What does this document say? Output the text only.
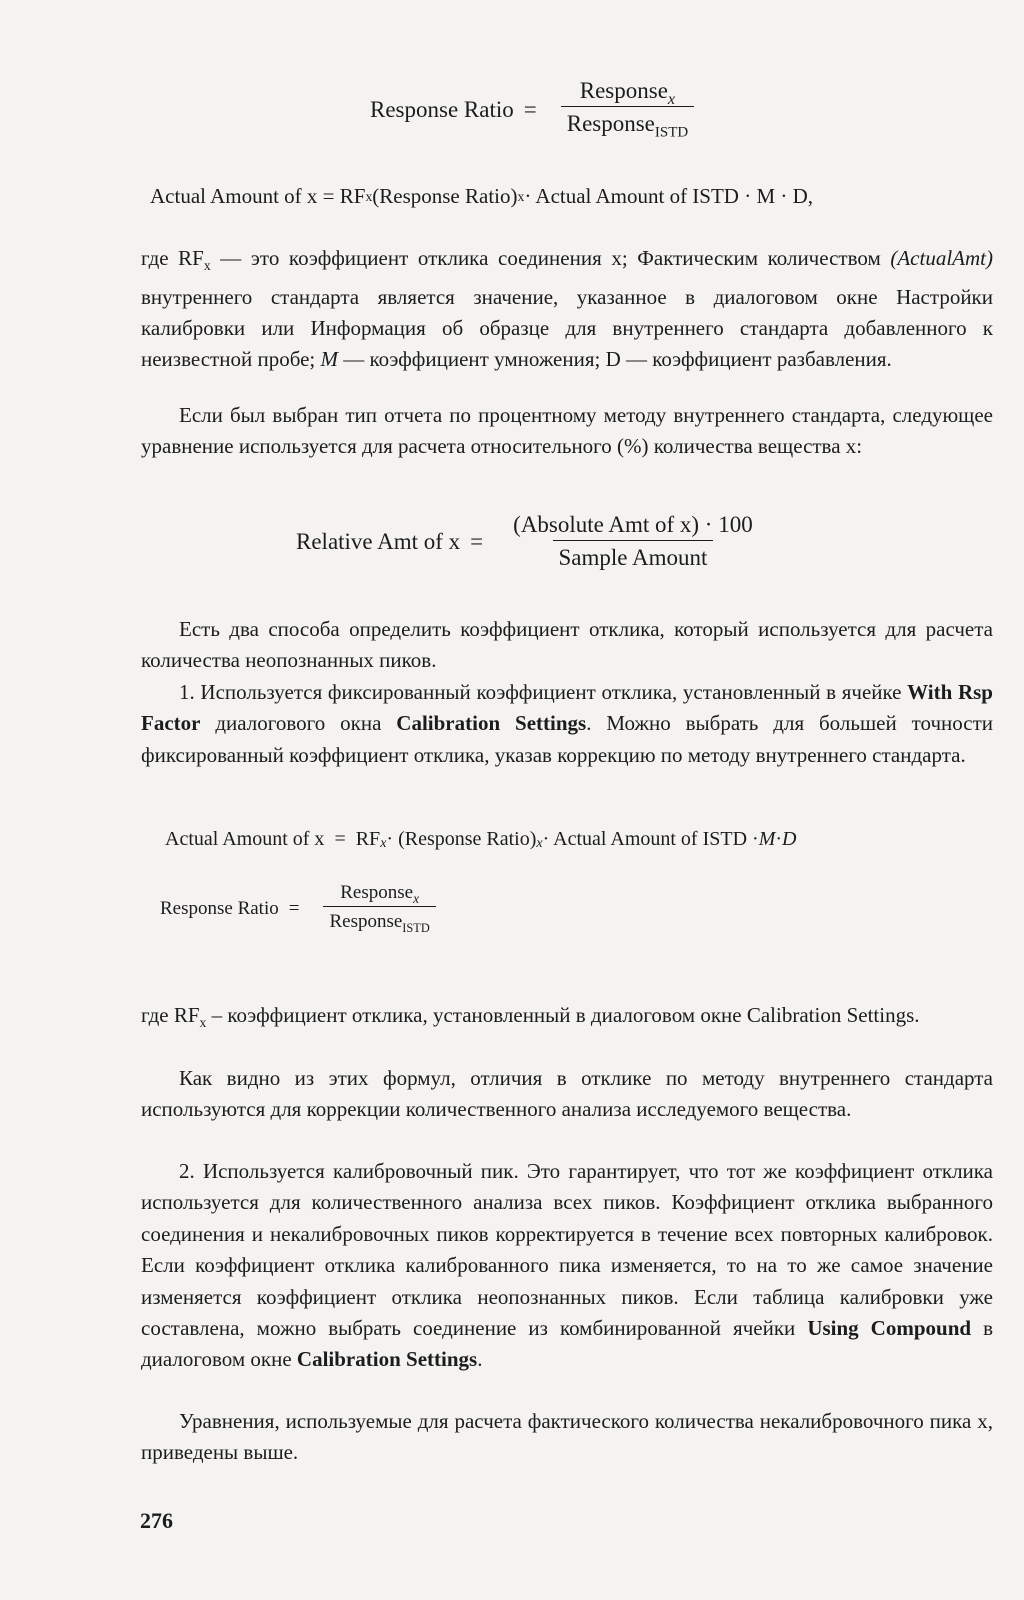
Response Ratio = $\frac{Response_x}{Response_{ISTD}}$
Actual Amount of x = RF x (Response Ratio) x · Actual Amount of ISTD · M · D,
где $RF_x$ — это коэффициент отклика соединения x; Фактическим количеством (ActualAmt) внутреннего стандарта является значение, указанное в диалоговом окне Настройки калибровки или Информация об образце для внутреннего стандарта добавленного к неизвестной пробе; M — коэффициент умножения; D — коэффициент разбавления.
Если был выбран тип отчета по процентному методу внутреннего стандарта, следующее уравнение используется для расчета относительного (%) количества вещества x:
Relative Amt of $x = \frac{\text{(Absolute Amt of x) · 100}}{\text{Sample Amount}}$
Есть два способа определить коэффициент отклика, который используется для расчета количества неопознанных пиков.
1. Используется фиксированный коэффициент отклика, установленный в ячейке With Rsp Factor диалогового окна Calibration Settings. Можно выбрать для большей точности фиксированный коэффициент отклика, указав коррекцию по методу внутреннего стандарта.
Actual Amount of x = RF x · (Response Ratio) x · Actual Amount of ISTD · M · D
Response Ratio = $\frac{Response_x}{Response_{ISTD}}$
где $RF_x$ – коэффициент отклика, установленный в диалоговом окне Calibration Settings.
Как видно из этих формул, отличия в отклике по методу внутреннего стандарта используются для коррекции количественного анализа исследуемого вещества.
2. Используется калибровочный пик. Это гарантирует, что тот же коэффициент отклика используется для количественного анализа всех пиков. Коэффициент отклика выбранного соединения и некалибровочных пиков корректируется в течение всех повторных калибровок. Если коэффициент отклика калиброванного пика изменяется, то на то же самое значение изменяется коэффициент отклика неопознанных пиков. Если таблица калибровки уже составлена, можно выбрать соединение из комбинированной ячейки Using Compound в диалоговом окне Calibration Settings.
Уравнения, используемые для расчета фактического количества некалибровочного пика x, приведены выше.
276
